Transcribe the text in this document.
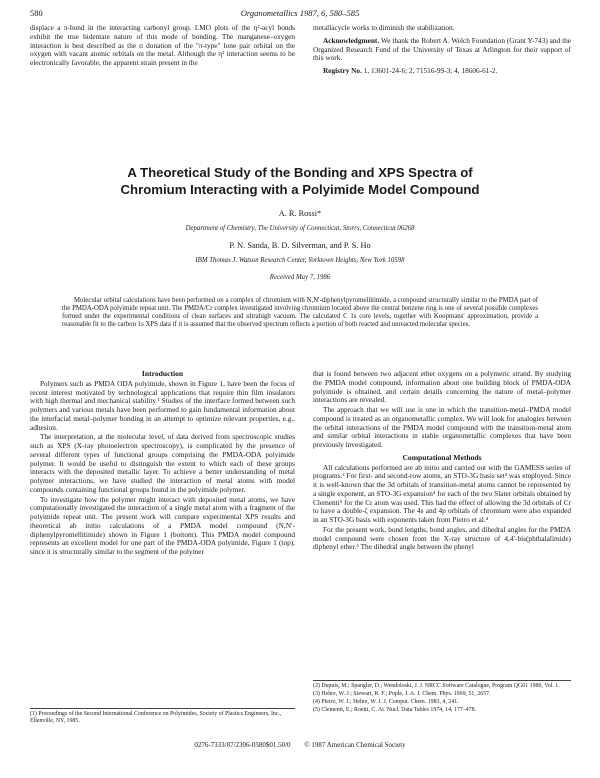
580	Organometallics 1987, 6, 580–585

displace a π-bond in the interacting carbonyl group. LMO plots of the η²-acyl bonds exhibit the true bidentate nature of this mode of bonding. The manganese–oxygen interaction is best described as the σ donation of the "π-type" lone pair orbital on the oxygen with vacant atomic orbitals on the metal. Although the η² interaction seems to be electronically favorable, the apparent strain present in the

metallacycle works to diminish the stabilization.

Acknowledgment. We thank the Robert A. Welch Foundation (Grant Y-743) and the Organized Research Fund of the University of Texas at Arlington for their support of this work.

Registry No. 1, 13601-24-6; 2, 71516-99-3; 4, 18606-61-2.

A Theoretical Study of the Bonding and XPS Spectra of
Chromium Interacting with a Polyimide Model Compound
A. R. Rossi*
Department of Chemistry, The University of Connecticut, Storrs, Connecticut 06268
P. N. Sanda, B. D. Silverman, and P. S. Ho
IBM Thomas J. Watson Research Center, Yorktown Heights, New York 10598
Received May 7, 1986

Molecular orbital calculations have been performed on a complex of chromium with N,N′-diphenylpyromellitimide, a compound structurally similar to the PMDA part of the PMDA-ODA polyimide repeat unit. The PMDA/Cr complex investigated involving chromium located above the central benzene ring is one of several possible complexes formed under the experimental conditions of clean surfaces and ultrahigh vacuum. The calculated C 1s core levels, together with Koopmans' approximation, provide a reasonable fit to the carbon 1s XPS data if it is assumed that the observed spectrum reflects a portion of both reacted and unreacted molecular species.

Introduction

Polymers such as PMDA ODA polyimide, shown in Figure 1, have been the focus of recent interest motivated by technological applications that require thin film insulators with high thermal and mechanical stability.¹ Studies of the interface formed between such polymers and various metals have been performed to gain fundamental information about the interfacial metal–polymer bonding in an attempt to optimize relevant properties, e.g., adhesion.

The interpretation, at the molecular level, of data derived from spectroscopic studies such as XPS (X-ray photoelectron spectroscopy), is complicated by the presence of several different types of functional groups comprising the PMDA-ODA polyimide polymer. It would be useful to distinguish the extent to which each of these groups interacts with the deposited metallic layer. To achieve a better understanding of metal polymer interactions, we have studied the interaction of metal atoms with model compounds containing functional groups found in the polyimide polymer.

To investigate how the polymer might interact with deposited metal atoms, we have computationally investigated the interaction of a single metal atom with a fragment of the polyimide repeat unit. The present work will compare experimental XPS results and theoretical ab initio calculations of a PMDA model compound (N,N′-diphenylpyromellitimide) shown in Figure 1 (bottom). This PMDA model compound represents an excellent model for one part of the PMDA-ODA polyimide, Figure 1 (top), since it is structurally similar to the segment of the polymer

that is found between two adjacent ether oxygens on a polymeric strand. By studying the PMDA model compound, information about one building block of PMDA-ODA polyimide is obtained, and certain details concerning the nature of metal–polymer interactions are revealed.

The approach that we will use is one in which the transition-metal–PMDA model compound is treated as an organometallic complex. We will look for analogies between the orbital interactions of the PMDA model compound with the transition-metal atom and similar orbital interactions in stable organometallic complexes that have been previously investigated.

Computational Methods

All calculations performed are ab initio and carried out with the GAMESS series of programs.² For first- and second-row atoms, an STO-3G basis set³ was employed. Since it is well-known that the 3d orbitals of transition-metal atoms cannot be represented by a single exponent, an STO-3G expansion⁴ for each of the two Slater orbitals obtained by Clementi⁵ for the Cr atom was used. This had the effect of allowing the 3d orbitals of Cr to have a double-ζ expansion. The 4s and 4p orbitals of chromium were also expanded in an STO-3G basis with exponents taken from Pietro et al.⁴

For the present work, bond lengths, bond angles, and dihedral angles for the PMDA model compound were chosen from the X-ray structure of 4,4′-bis(phthalalimide) diphenyl ether.⁶ The dihedral angle between the phenyl

(1) Proceedings of the Second International Conference on Polyimides, Society of Plastics Engineers, Inc., Ellenville, NY, 1985.
(2) Dupuis, M.; Spangler, D.; Wendoloski, J. J. NRCC Software Catalogue, Program QG01 1980, Vol. 1.
(3) Hehre, W. J.; Stewart, R. F.; Pople, J. A. J. Chem. Phys. 1969, 51, 2657.
(4) Pietro, W. J.; Hehre, W. J. J. Comput. Chem. 1983, 4, 241.
(5) Clementi, E.; Roetti, C. At. Nucl. Data Tables 1974, 14, 177–478.
0276-7333/87/2306-0580$01.50/0 © 1987 American Chemical Society
